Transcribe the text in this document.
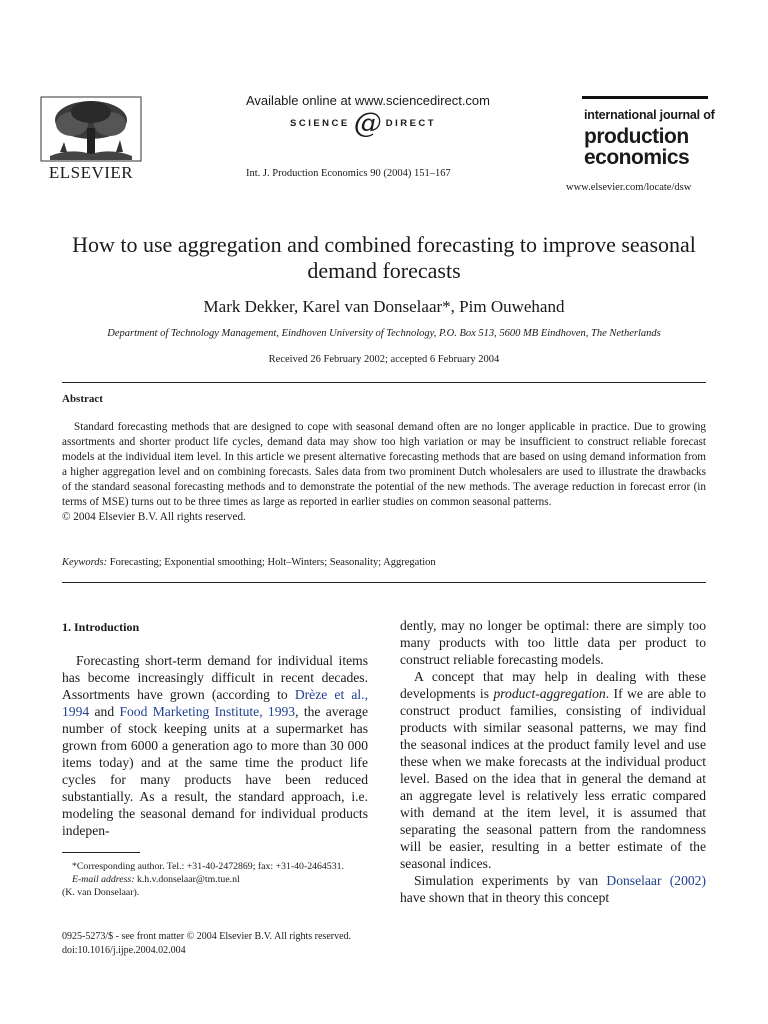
ELSEVIER
Available online at www.sciencedirect.com
SCIENCE @ DIRECT
Int. J. Production Economics 90 (2004) 151–167
international journal of
production
economics
www.elsevier.com/locate/dsw
How to use aggregation and combined forecasting to improve seasonal demand forecasts
Mark Dekker, Karel van Donselaar*, Pim Ouwehand
Department of Technology Management, Eindhoven University of Technology, P.O. Box 513, 5600 MB Eindhoven, The Netherlands
Received 26 February 2002; accepted 6 February 2004
Abstract
Standard forecasting methods that are designed to cope with seasonal demand often are no longer applicable in practice. Due to growing assortments and shorter product life cycles, demand data may show too high variation or may be insufficient to construct reliable forecast models at the individual item level. In this article we present alternative forecasting methods that are based on using demand information from a higher aggregation level and on combining forecasts. Sales data from two prominent Dutch wholesalers are used to illustrate the drawbacks of the standard seasonal forecasting methods and to demonstrate the potential of the new methods. The average reduction in forecast error (in terms of MSE) turns out to be three times as large as reported in earlier studies on common seasonal patterns.
© 2004 Elsevier B.V. All rights reserved.
Keywords: Forecasting; Exponential smoothing; Holt–Winters; Seasonality; Aggregation
1. Introduction

Forecasting short-term demand for individual items has become increasingly difficult in recent decades. Assortments have grown (according to Drèze et al., 1994 and Food Marketing Institute, 1993, the average number of stock keeping units at a supermarket has grown from 6000 a generation ago to more than 30 000 items today) and at the same time the product life cycles for many products have been reduced substantially. As a result, the standard approach, i.e. modeling the seasonal demand for individual products indepen-

*Corresponding author. Tel.: +31-40-2472869; fax: +31-40-2464531.
E-mail address: k.h.v.donselaar@tm.tue.nl
(K. van Donselaar).

dently, may no longer be optimal: there are simply too many products with too little data per product to construct reliable forecasting models.

A concept that may help in dealing with these developments is product-aggregation. If we are able to construct product families, consisting of individual products with similar seasonal patterns, we may find the seasonal indices at the product family level and use these when we make forecasts at the individual product level. Based on the idea that in general the demand at an aggregate level is relatively less erratic compared with demand at the item level, it is assumed that separating the seasonal pattern from the randomness will be easier, resulting in a better estimate of the seasonal indices.

Simulation experiments by van Donselaar (2002) have shown that in theory this concept

0925-5273/$ - see front matter © 2004 Elsevier B.V. All rights reserved.
doi:10.1016/j.ijpe.2004.02.004
